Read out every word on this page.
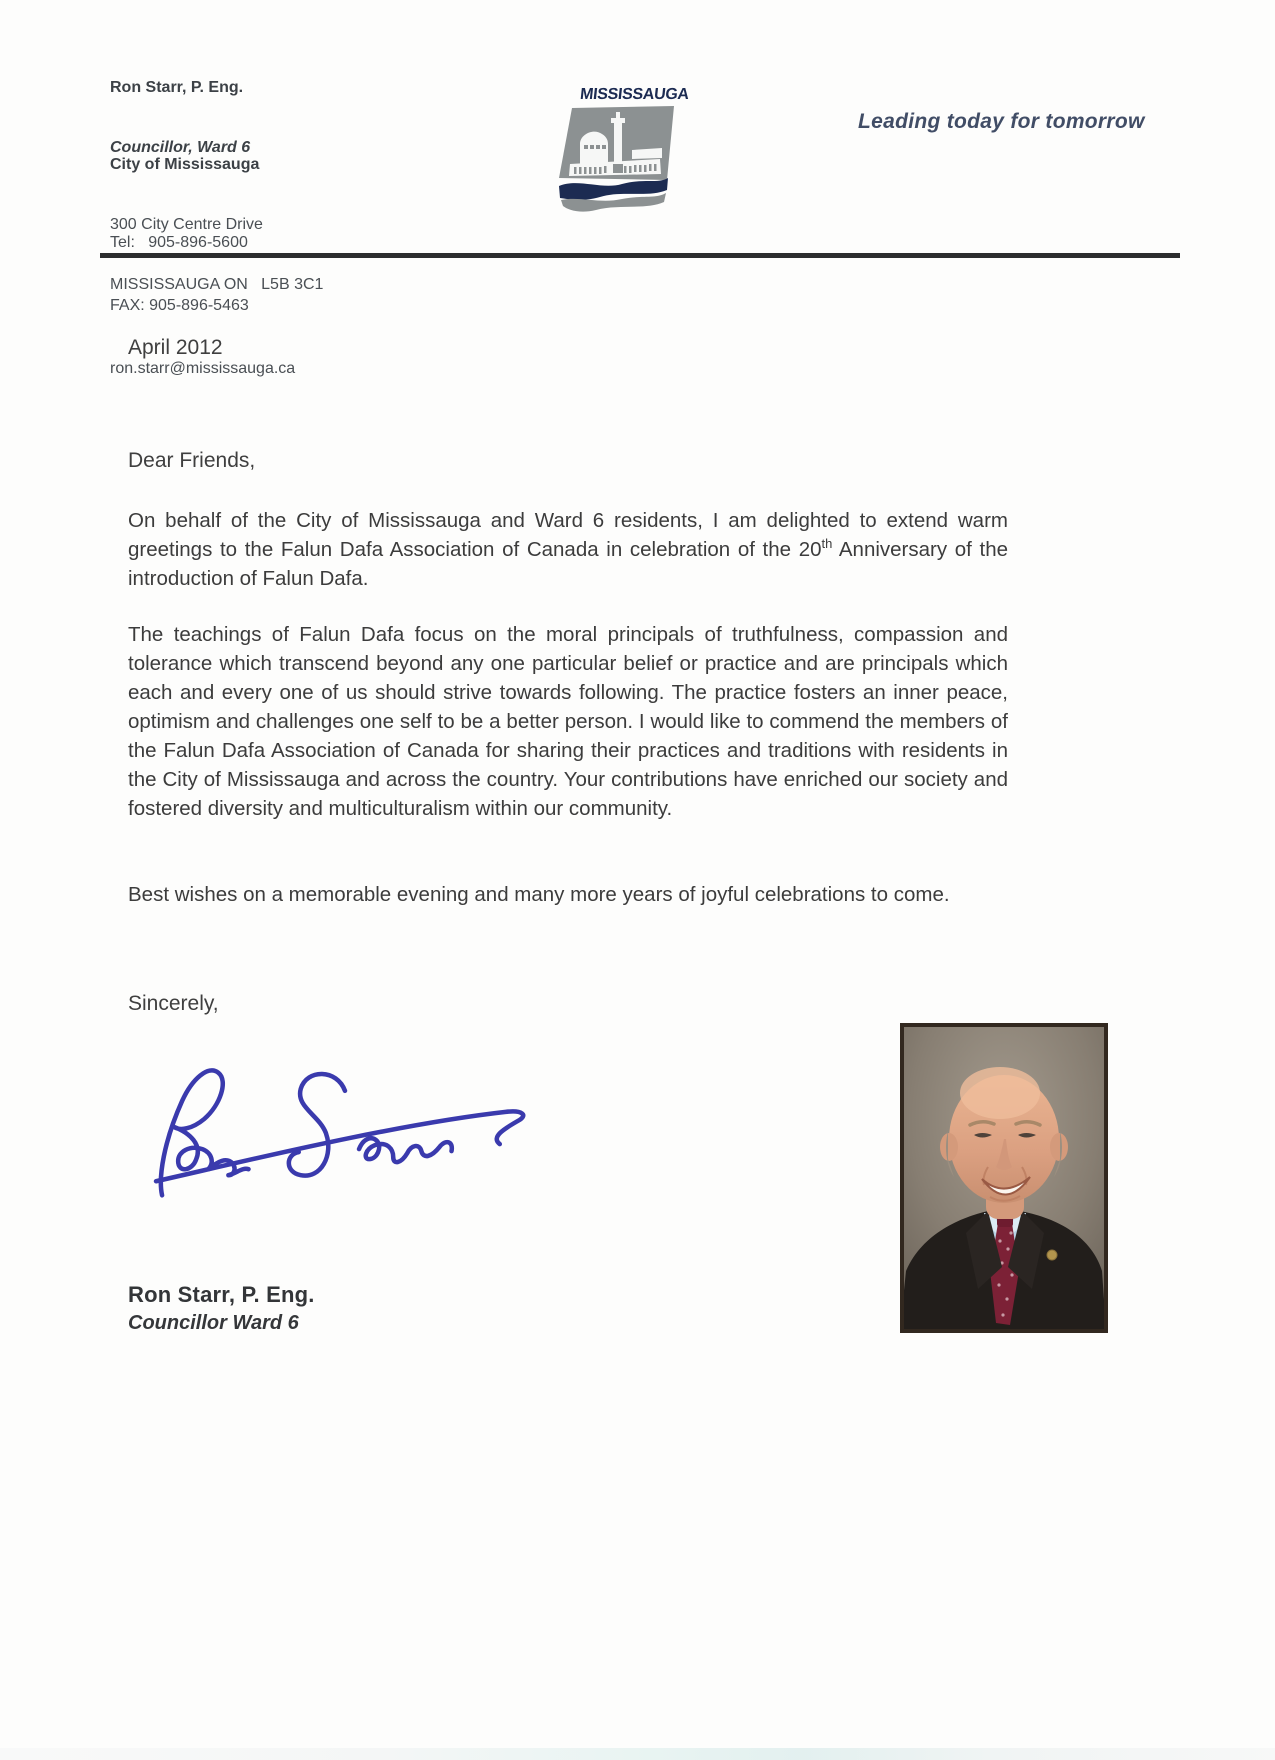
Ron Starr, P. Eng.

Councillor, Ward 6

City of Mississauga

300 City Centre Drive

MISSISSAUGA ON   L5B 3C1

Tel:   905-896-5600

FAX: 905-896-5463

ron.starr@mississauga.ca

MISSISSAUGA
Leading today for tomorrow
April 2012
Dear Friends,

On behalf of the City of Mississauga and Ward 6 residents, I am delighted to extend warm greetings to the Falun Dafa Association of Canada in celebration of the 20th Anniversary of the introduction of Falun Dafa.

The teachings of Falun Dafa focus on the moral principals of truthfulness, compassion and tolerance which transcend beyond any one particular belief or practice and are principals which each and every one of us should strive towards following. The practice fosters an inner peace, optimism and challenges one self to be a better person. I would like to commend the members of the Falun Dafa Association of Canada for sharing their practices and traditions with residents in the City of Mississauga and across the country. Your contributions have enriched our society and fostered diversity and multiculturalism within our community.

Best wishes on a memorable evening and many more years of joyful celebrations to come.

Sincerely,
Ron Starr, P. Eng.
Councillor Ward 6
